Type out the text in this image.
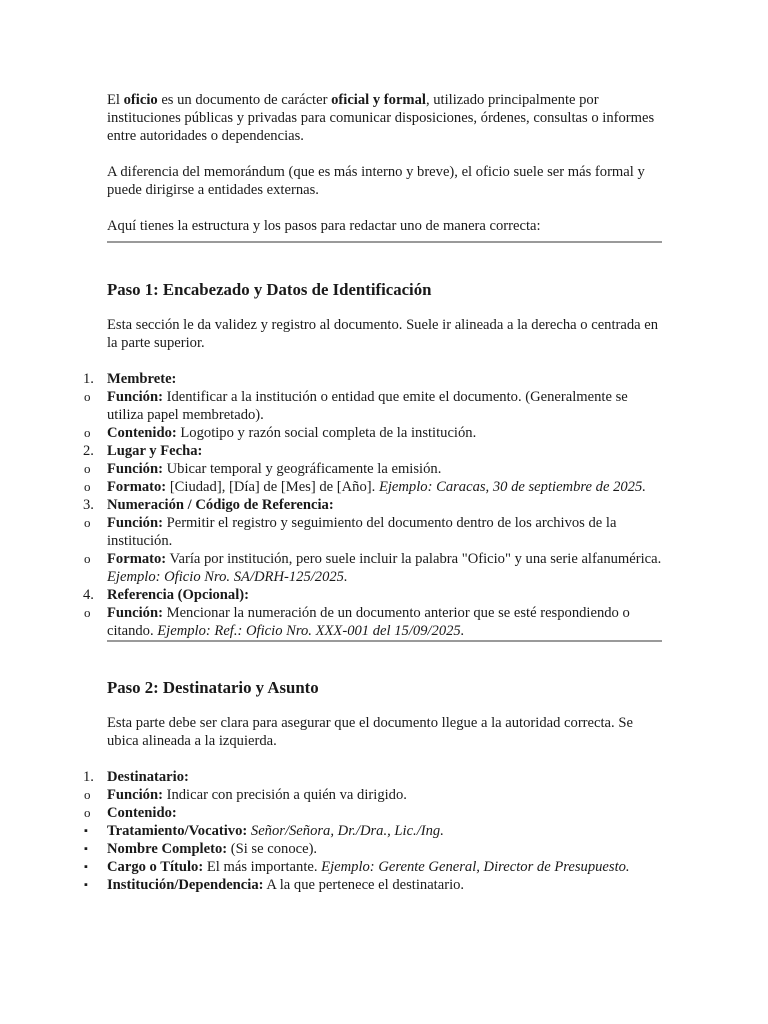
El oficio es un documento de carácter oficial y formal, utilizado principalmente por instituciones públicas y privadas para comunicar disposiciones, órdenes, consultas o informes entre autoridades o dependencias.

A diferencia del memorándum (que es más interno y breve), el oficio suele ser más formal y puede dirigirse a entidades externas.

Aquí tienes la estructura y los pasos para redactar uno de manera correcta:

Paso 1: Encabezado y Datos de Identificación

Esta sección le da validez y registro al documento. Suele ir alineada a la derecha o centrada en la parte superior.

1. Membrete:
o	Función: Identificar a la institución o entidad que emite el documento. (Generalmente se utiliza papel membretado).
o	Contenido: Logotipo y razón social completa de la institución.
2. Lugar y Fecha:
o	Función: Ubicar temporal y geográficamente la emisión.
o	Formato: [Ciudad], [Día] de [Mes] de [Año]. Ejemplo: Caracas, 30 de septiembre de 2025.
3. Numeración / Código de Referencia:
o	Función: Permitir el registro y seguimiento del documento dentro de los archivos de la institución.
o	Formato: Varía por institución, pero suele incluir la palabra "Oficio" y una serie alfanumérica. Ejemplo: Oficio Nro. SA/DRH-125/2025.
4. Referencia (Opcional):
o	Función: Mencionar la numeración de un documento anterior que se esté respondiendo o citando. Ejemplo: Ref.: Oficio Nro. XXX-001 del 15/09/2025.
Paso 2: Destinatario y Asunto

Esta parte debe ser clara para asegurar que el documento llegue a la autoridad correcta. Se ubica alineada a la izquierda.

1. Destinatario:
o	Función: Indicar con precisión a quién va dirigido.
o	Contenido:
▪	Tratamiento/Vocativo: Señor/Señora, Dr./Dra., Lic./Ing.
▪	Nombre Completo: (Si se conoce).
▪	Cargo o Título: El más importante. Ejemplo: Gerente General, Director de Presupuesto.
▪	Institución/Dependencia: A la que pertenece el destinatario.
